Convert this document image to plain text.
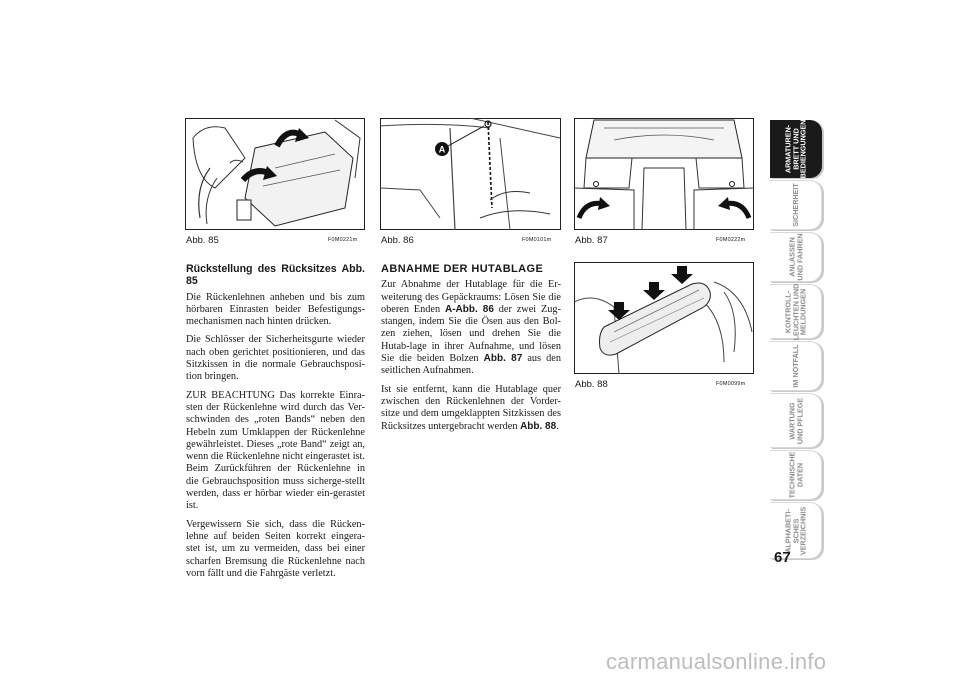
Abb. 85	F0M0221m
A
Abb. 86	F0M0101m Abb. 87	F0M0222m
Abb. 88	F0M0099m
Rückstellung des Rücksitzes Abb. 85

Die Rückenlehnen anheben und bis zum hörbaren Einrasten beider Befestigungs-mechanismen nach hinten drücken.

Die Schlösser der Sicherheitsgurte wieder nach oben gerichtet positionieren, und das Sitzkissen in die normale Gebrauchsposi-tion bringen.

ZUR BEACHTUNG Das korrekte Einra-sten der Rückenlehne wird durch das Ver-schwinden des „roten Bands“ neben den Hebeln zum Umklappen der Rückenlehne gewährleistet. Dieses „rote Band“ zeigt an, wenn die Rückenlehne nicht eingerastet ist. Beim Zurückführen der Rückenlehne in die Gebrauchsposition muss sicherge-stellt werden, dass er hörbar wieder ein-gerastet ist.

Vergewissern Sie sich, dass die Rücken-lehne auf beiden Seiten korrekt eingera-stet ist, um zu vermeiden, dass bei einer scharfen Bremsung die Rückenlehne nach vorn fällt und die Fahrgäste verletzt.

ABNAHME DER HUTABLAGE

Zur Abnahme der Hutablage für die Er-weiterung des Gepäckraums: Lösen Sie die oberen Enden A-Abb. 86 der zwei Zug-stangen, indem Sie die Ösen aus den Bol-zen ziehen, lösen und drehen Sie die Hutab-lage in ihrer Aufnahme, und lösen Sie die beiden Bolzen Abb. 87 aus den seitlichen Aufnahmen.

Ist sie entfernt, kann die Hutablage quer zwischen den Rückenlehnen der Vorder-sitze und dem umgeklappten Sitzkissen des Rücksitzes untergebracht werden Abb. 88.

ARMATUREN-
BRETT UND
BEDIENGUNGEN
SICHERHEIT
ANLASSEN
UND FAHREN
KONTROLL-
LEUCHTEN UND
MELDUNGEN
IM NOTFALL
WARTUNG
UND PFLEGE
TECHNISCHE
DATEN
ALPHABETI-
SCHES
VERZEICHNIS
67
carmanualsonline.info
